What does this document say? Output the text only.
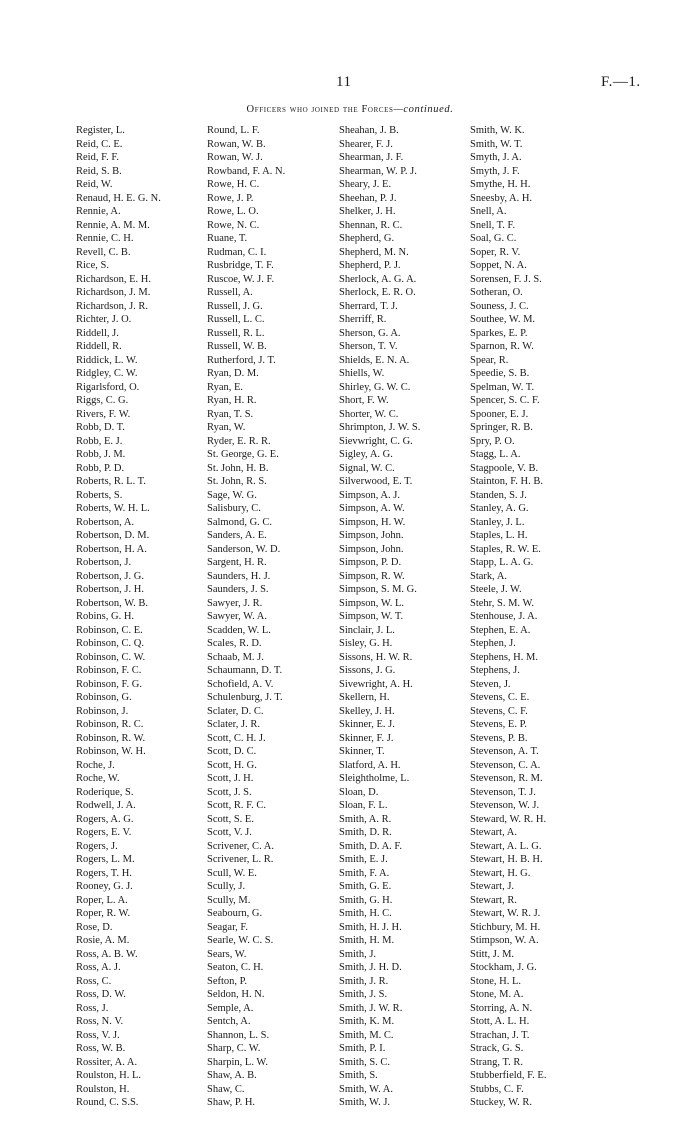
11	F.—1.
Officers who joined the Forces—continued.
Register, L.
Reid, C. E.
Reid, F. F.
Reid, S. B.
Reid, W.
Renaud, H. E. G. N.
Rennie, A.
Rennie, A. M. M.
Rennie, C. H.
Revell, C. B.
Rice, S.
Richardson, E. H.
Richardson, J. M.
Richardson, J. R.
Richter, J. O.
Riddell, J.
Riddell, R.
Riddick, L. W.
Ridgley, C. W.
Rigarlsford, O.
Riggs, C. G.
Rivers, F. W.
Robb, D. T.
Robb, E. J.
Robb, J. M.
Robb, P. D.
Roberts, R. L. T.
Roberts, S.
Roberts, W. H. L.
Robertson, A.
Robertson, D. M.
Robertson, H. A.
Robertson, J.
Robertson, J. G.
Robertson, J. H.
Robertson, W. B.
Robins, G. H.
Robinson, C. E.
Robinson, C. Q.
Robinson, C. W.
Robinson, F. C.
Robinson, F. G.
Robinson, G.
Robinson, J.
Robinson, R. C.
Robinson, R. W.
Robinson, W. H.
Roche, J.
Roche, W.
Roderique, S.
Rodwell, J. A.
Rogers, A. G.
Rogers, E. V.
Rogers, J.
Rogers, L. M.
Rogers, T. H.
Rooney, G. J.
Roper, L. A.
Roper, R. W.
Rose, D.
Rosie, A. M.
Ross, A. B. W.
Ross, A. J.
Ross, C.
Ross, D. W.
Ross, J.
Ross, N. V.
Ross, V. J.
Ross, W. B.
Rossiter, A. A.
Roulston, H. L.
Roulston, H.
Round, C. S.S.
Round, L. F.
Rowan, W. B.
Rowan, W. J.
Rowband, F. A. N.
Rowe, H. C.
Rowe, J. P.
Rowe, L. O.
Rowe, N. C.
Ruane, T.
Rudman, C. I.
Rusbridge, T. F.
Ruscoe, W. J. F.
Russell, A.
Russell, J. G.
Russell, L. C.
Russell, R. L.
Russell, W. B.
Rutherford, J. T.
Ryan, D. M.
Ryan, E.
Ryan, H. R.
Ryan, T. S.
Ryan, W.
Ryder, E. R. R.
St. George, G. E.
St. John, H. B.
St. John, R. S.
Sage, W. G.
Salisbury, C.
Salmond, G. C.
Sanders, A. E.
Sanderson, W. D.
Sargent, H. R.
Saunders, H. J.
Saunders, J. S.
Sawyer, J. R.
Sawyer, W. A.
Scadden, W. L.
Scales, R. D.
Schaab, M. J.
Schaumann, D. T.
Schofield, A. V.
Schulenburg, J. T.
Sclater, D. C.
Sclater, J. R.
Scott, C. H. J.
Scott, D. C.
Scott, H. G.
Scott, J. H.
Scott, J. S.
Scott, R. F. C.
Scott, S. E.
Scott, V. J.
Scrivener, C. A.
Scrivener, L. R.
Scull, W. E.
Scully, J.
Scully, M.
Seabourn, G.
Seagar, F.
Searle, W. C. S.
Sears, W.
Seaton, C. H.
Sefton, P.
Seldon, H. N.
Semple, A.
Sentch, A.
Shannon, L. S.
Sharp, C. W.
Sharpin, L. W.
Shaw, A. B.
Shaw, C.
Shaw, P. H.
Sheahan, J. B.
Shearer, F. J.
Shearman, J. F.
Shearman, W. P. J.
Sheary, J. E.
Sheehan, P. J.
Shelker, J. H.
Shennan, R. C.
Shepherd, G.
Shepherd, M. N.
Shepherd, P. J.
Sherlock, A. G. A.
Sherlock, E. R. O.
Sherrard, T. J.
Sherriff, R.
Sherson, G. A.
Sherson, T. V.
Shields, E. N. A.
Shiells, W.
Shirley, G. W. C.
Short, F. W.
Shorter, W. C.
Shrimpton, J. W. S.
Sievwright, C. G.
Sigley, A. G.
Signal, W. C.
Silverwood, E. T.
Simpson, A. J.
Simpson, A. W.
Simpson, H. W.
Simpson, John.
Simpson, John.
Simpson, P. D.
Simpson, R. W.
Simpson, S. M. G.
Simpson, W. L.
Simpson, W. T.
Sinclair, J. L.
Sisley, G. H.
Sissons, H. W. R.
Sissons, J. G.
Sivewright, A. H.
Skellern, H.
Skelley, J. H.
Skinner, E. J.
Skinner, F. J.
Skinner, T.
Slatford, A. H.
Sleightholme, L.
Sloan, D.
Sloan, F. L.
Smith, A. R.
Smith, D. R.
Smith, D. A. F.
Smith, E. J.
Smith, F. A.
Smith, G. E.
Smith, G. H.
Smith, H. C.
Smith, H. J. H.
Smith, H. M.
Smith, J.
Smith, J. H. D.
Smith, J. R.
Smith, J. S.
Smith, J. W. R.
Smith, K. M.
Smith, M. C.
Smith, P. I.
Smith, S. C.
Smith, S.
Smith, W. A.
Smith, W. J.
Smith, W. K.
Smith, W. T.
Smyth, J. A.
Smyth, J. F.
Smythe, H. H.
Sneesby, A. H.
Snell, A.
Snell, T. F.
Soal, G. C.
Soper, R. V.
Soppet, N. A.
Sorensen, F. J. S.
Sotheran, O.
Souness, J. C.
Southee, W. M.
Sparkes, E. P.
Sparnon, R. W.
Spear, R.
Speedie, S. B.
Spelman, W. T.
Spencer, S. C. F.
Spooner, E. J.
Springer, R. B.
Spry, P. O.
Stagg, L. A.
Stagpoole, V. B.
Stainton, F. H. B.
Standen, S. J.
Stanley, A. G.
Stanley, J. L.
Staples, L. H.
Staples, R. W. E.
Stapp, L. A. G.
Stark, A.
Steele, J. W.
Stehr, S. M. W.
Stenhouse, J. A.
Stephen, E. A.
Stephen, J.
Stephens, H. M.
Stephens, J.
Steven, J.
Stevens, C. E.
Stevens, C. F.
Stevens, E. P.
Stevens, P. B.
Stevenson, A. T.
Stevenson, C. A.
Stevenson, R. M.
Stevenson, T. J.
Stevenson, W. J.
Steward, W. R. H.
Stewart, A.
Stewart, A. L. G.
Stewart, H. B. H.
Stewart, H. G.
Stewart, J.
Stewart, R.
Stewart, W. R. J.
Stichbury, M. H.
Stimpson, W. A.
Stitt, J. M.
Stockham, J. G.
Stone, H. L.
Stone, M. A.
Storring, A. N.
Stott, A. L. H.
Strachan, J. T.
Strack, G. S.
Strang, T. R.
Stubberfield, F. E.
Stubbs, C. F.
Stuckey, W. R.
